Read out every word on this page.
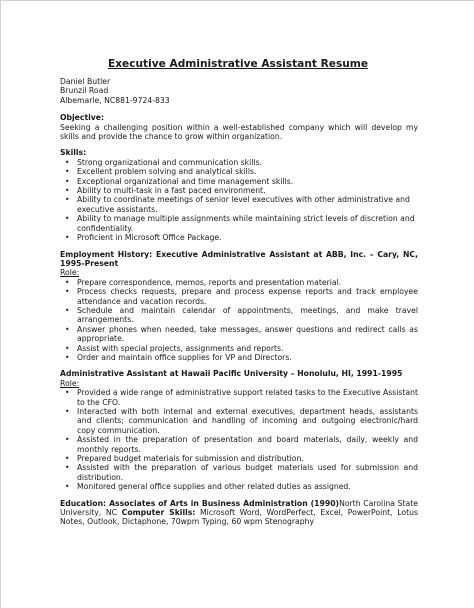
Executive Administrative Assistant Resume
Daniel Butler
Brunzil Road
Albemarle, NC881-9724-833
Objective:
Seeking a challenging position within a well-established company which will develop my skills and provide the chance to grow within organization.
Skills:
• Strong organizational and communication skills.
• Excellent problem solving and analytical skills.
• Exceptional organizational and time management skills.
• Ability to multi-task in a fast paced environment.
• Ability to coordinate meetings of senior level executives with other administrative and executive assistants.
• Ability to manage multiple assignments while maintaining strict levels of discretion and confidentiality.
• Proficient in Microsoft Office Package.
Employment History: Executive Administrative Assistant at ABB, Inc. – Cary, NC, 1995-Present
Role:
• Prepare correspondence, memos, reports and presentation material.
• Process checks requests, prepare and process expense reports and track employee attendance and vacation records.
• Schedule and maintain calendar of appointments, meetings, and make travel arrangements.
• Answer phones when needed, take messages, answer questions and redirect calls as appropriate.
• Assist with special projects, assignments and reports.
• Order and maintain office supplies for VP and Directors.
Administrative Assistant at Hawaii Pacific University – Honolulu, HI, 1991-1995
Role:
• Provided a wide range of administrative support related tasks to the Executive Assistant to the CFO.
• Interacted with both internal and external executives, department heads, assistants and clients; communication and handling of incoming and outgoing electronic/hard copy communication.
• Assisted in the preparation of presentation and board materials, daily, weekly and monthly reports.
• Prepared budget materials for submission and distribution.
• Assisted with the preparation of various budget materials used for submission and distribution.
• Monitored general office supplies and other related duties as assigned.
Education: Associates of Arts in Business Administration (1990)North Carolina State University, NC Computer Skills: Microsoft Word, WordPerfect, Excel, PowerPoint, Lotus Notes, Outlook, Dictaphone, 70wpm Typing, 60 wpm Stenography
